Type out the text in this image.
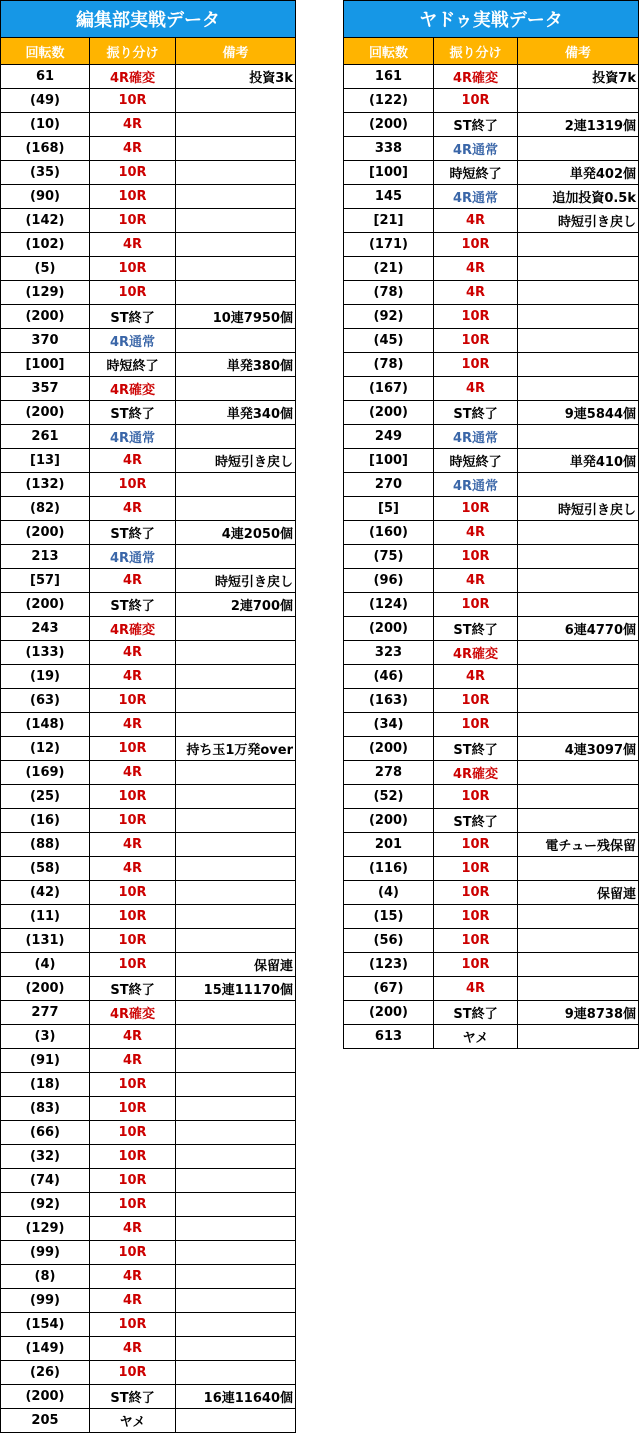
編集部実戦データ		
回転数	振り分け	備考
61	4R確変	投資3k
(49)	10R	
(10)	4R	
(168)	4R	
(35)	10R	
(90)	10R	
(142)	10R	
(102)	4R	
(5)	10R	
(129)	10R	
(200)	ST終了	10連7950個
370	4R通常	
[100]	時短終了	単発380個
357	4R確変	
(200)	ST終了	単発340個
261	4R通常	
[13]	4R	時短引き戻し
(132)	10R	
(82)	4R	
(200)	ST終了	4連2050個
213	4R通常	
[57]	4R	時短引き戻し
(200)	ST終了	2連700個
243	4R確変	
(133)	4R	
(19)	4R	
(63)	10R	
(148)	4R	
(12)	10R	持ち玉1万発over
(169)	4R	
(25)	10R	
(16)	10R	
(88)	4R	
(58)	4R	
(42)	10R	
(11)	10R	
(131)	10R	
(4)	10R	保留連
(200)	ST終了	15連11170個
277	4R確変	
(3)	4R	
(91)	4R	
(18)	10R	
(83)	10R	
(66)	10R	
(32)	10R	
(74)	10R	
(92)	10R	
(129)	4R	
(99)	10R	
(8)	4R	
(99)	4R	
(154)	10R	
(149)	4R	
(26)	10R	
(200)	ST終了	16連11640個
205	ヤメ	
ヤドゥ実戦データ		
回転数	振り分け	備考
161	4R確変	投資7k
(122)	10R	
(200)	ST終了	2連1319個
338	4R通常	
[100]	時短終了	単発402個
145	4R通常	追加投資0.5k
[21]	4R	時短引き戻し
(171)	10R	
(21)	4R	
(78)	4R	
(92)	10R	
(45)	10R	
(78)	10R	
(167)	4R	
(200)	ST終了	9連5844個
249	4R通常	
[100]	時短終了	単発410個
270	4R通常	
[5]	10R	時短引き戻し
(160)	4R	
(75)	10R	
(96)	4R	
(124)	10R	
(200)	ST終了	6連4770個
323	4R確変	
(46)	4R	
(163)	10R	
(34)	10R	
(200)	ST終了	4連3097個
278	4R確変	
(52)	10R	
(200)	ST終了	
201	10R	電チュー残保留
(116)	10R	
(4)	10R	保留連
(15)	10R	
(56)	10R	
(123)	10R	
(67)	4R	
(200)	ST終了	9連8738個
613	ヤメ	
